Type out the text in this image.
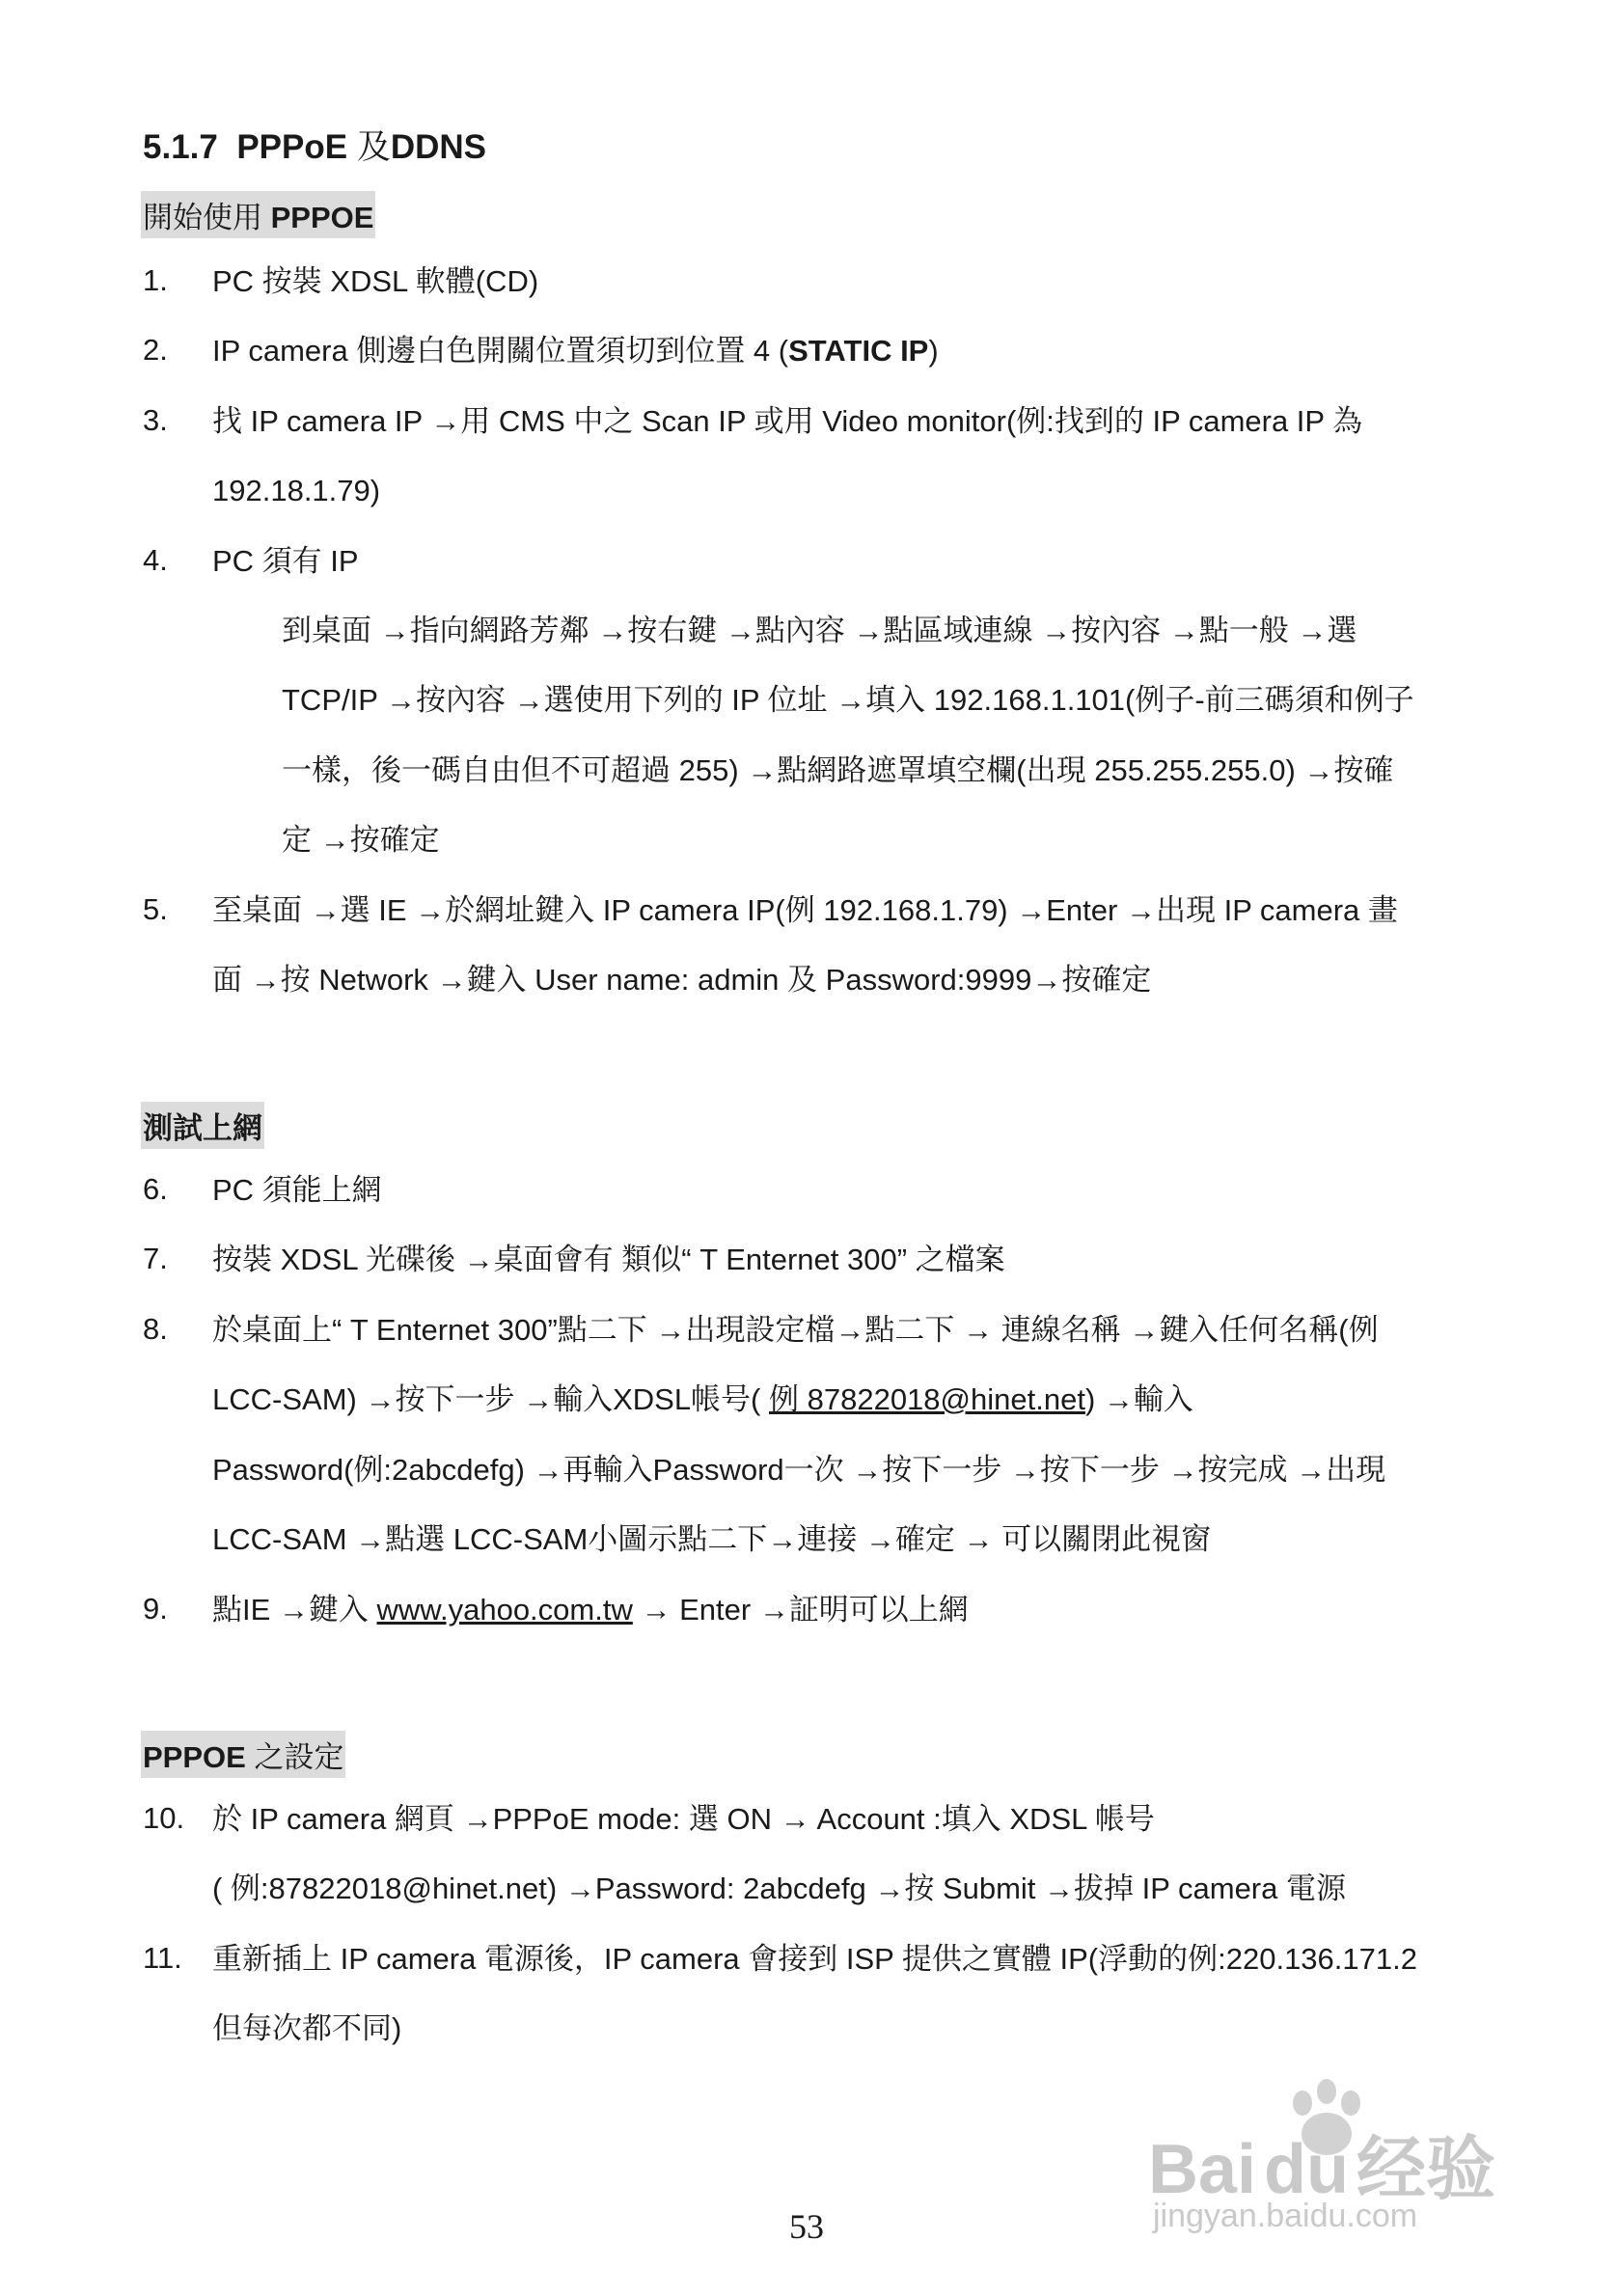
5.1.7 PPPoE 及DDNS
開始使用 PPPOE
1. PC 按裝 XDSL 軟體(CD)
2. IP camera 側邊白色開關位置須切到位置 4 (STATIC IP)
3. 找 IP camera IP →用 CMS 中之 Scan IP 或用 Video monitor(例:找到的 IP camera IP 為
192.18.1.79)
4. PC 須有 IP
到桌面 →指向網路芳鄰 →按右鍵 →點內容 →點區域連線 →按內容 →點一般 →選
TCP/IP →按內容 →選使用下列的 IP 位址 →填入 192.168.1.101(例子-前三碼須和例子
一樣，後一碼自由但不可超過 255) →點網路遮罩填空欄(出現 255.255.255.0) →按確
定 →按確定
5. 至桌面 →選 IE →於網址鍵入 IP camera IP(例 192.168.1.79) →Enter →出現 IP camera 畫
面 →按 Network →鍵入 User name: admin 及 Password:9999→按確定
測試上網
6. PC 須能上網
7. 按裝 XDSL 光碟後 →桌面會有 類似“ T Enternet 300” 之檔案
8. 於桌面上“ T Enternet 300”點二下 →出現設定檔→點二下 → 連線名稱 →鍵入任何名稱(例
LCC-SAM) →按下一步 →輸入XDSL帳号( 例 87822018@hinet.net) →輸入
Password(例:2abcdefg) →再輸入Password一次 →按下一步 →按下一步 →按完成 →出現
LCC-SAM →點選 LCC-SAM小圖示點二下→連接 →確定 → 可以關閉此視窗
9. 點IE →鍵入 www.yahoo.com.tw → Enter →証明可以上網
PPPOE 之設定
10. 於 IP camera 網頁 →PPPoE mode: 選 ON → Account :填入 XDSL 帳号
( 例:87822018@hinet.net) →Password: 2abcdefg →按 Submit →拔掉 IP camera 電源
11. 重新插上 IP camera 電源後，IP camera 會接到 ISP 提供之實體 IP(浮動的例:220.136.171.2
但每次都不同)
53
Bai du 经验
jingyan.baidu.com
